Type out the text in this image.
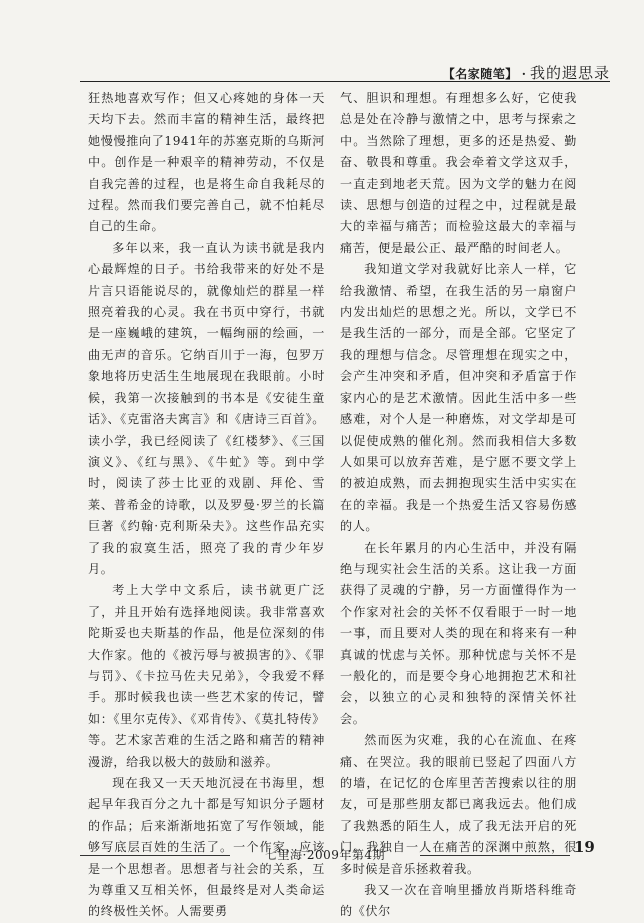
【名家随笔】 · 我的遐思录

狂热地喜欢写作；但又心疼她的身体一天天均下去。然而丰富的精神生活，最终把她慢慢推向了1941年的苏塞克斯的乌斯河中。创作是一种艰辛的精神劳动，不仅是自我完善的过程，也是将生命自我耗尽的过程。然而我们要完善自己，就不怕耗尽自己的生命。

多年以来，我一直认为读书就是我内心最辉煌的日子。书给我带来的好处不是片言只语能说尽的，就像灿烂的群星一样照亮着我的心灵。我在书页中穿行，书就是一座巍峨的建筑，一幅绚丽的绘画，一曲无声的音乐。它纳百川于一海，包罗万象地将历史活生生地展现在我眼前。小时候，我第一次接触到的书本是《安徒生童话》、《克雷洛夫寓言》和《唐诗三百首》。读小学，我已经阅读了《红楼梦》、《三国演义》、《红与黑》、《牛虻》等。到中学时，阅读了莎士比亚的戏剧、拜伦、雪莱、普希金的诗歌，以及罗曼·罗兰的长篇巨著《约翰·克利斯朵夫》。这些作品充实了我的寂寞生活，照亮了我的青少年岁月。

考上大学中文系后，读书就更广泛了，并且开始有选择地阅读。我非常喜欢陀斯妥也夫斯基的作品，他是位深刻的伟大作家。他的《被污辱与被损害的》、《罪与罚》、《卡拉马佐夫兄弟》，令我爱不释手。那时候我也读一些艺术家的传记，譬如：《里尔克传》、《邓肯传》、《莫扎特传》等。艺术家苦难的生活之路和痛苦的精神漫游，给我以极大的鼓励和滋养。

现在我又一天天地沉浸在书海里，想起早年我百分之九十都是写知识分子题材的作品；后来渐渐地拓宽了写作领域，能够写底层百姓的生活了。一个作家，应该是一个思想者。思想者与社会的关系，互为尊重又互相关怀，但最终是对人类命运的终极性关怀。人需要勇

气、胆识和理想。有理想多么好，它使我总是处在冷静与激情之中，思考与探索之中。当然除了理想，更多的还是热爱、勤奋、敬畏和尊重。我会牵着文学这双手，一直走到地老天荒。因为文学的魅力在阅读、思想与创造的过程之中，过程就是最大的幸福与痛苦；而检验这最大的幸福与痛苦，便是最公正、最严酷的时间老人。

我知道文学对我就好比亲人一样，它给我激情、希望，在我生活的另一扇窗户内发出灿烂的思想之光。所以，文学已不是我生活的一部分，而是全部。它坚定了我的理想与信念。尽管理想在现实之中，会产生冲突和矛盾，但冲突和矛盾富于作家内心的是艺术激情。因此生活中多一些感难，对个人是一种磨炼，对文学却是可以促使成熟的催化剂。然而我相信大多数人如果可以放弃苦难，是宁愿不要文学上的被迫成熟，而去拥抱现实生活中实实在在的幸福。我是一个热爱生活又容易伤感的人。

在长年累月的内心生活中，并没有隔绝与现实社会生活的关系。这让我一方面获得了灵魂的宁静，另一方面懂得作为一个作家对社会的关怀不仅看眼于一时一地一事，而且要对人类的现在和将来有一种真诚的忧虑与关怀。那种忧虑与关怀不是一般化的，而是要令身心地拥抱艺术和社会，以独立的心灵和独特的深情关怀社会。

然而医为灾难，我的心在流血、在疼痛、在哭泣。我的眼前已竖起了四面八方的墙，在记忆的仓库里苦苦搜索以往的朋友，可是那些朋友都已离我远去。他们成了我熟悉的陌生人，成了我无法开启的死门。我独自一人在痛苦的深渊中煎熬，很多时候是音乐拯救着我。

我又一次在音响里播放肖斯塔科维奇的《伏尔

七里海·2009年第4期	19
